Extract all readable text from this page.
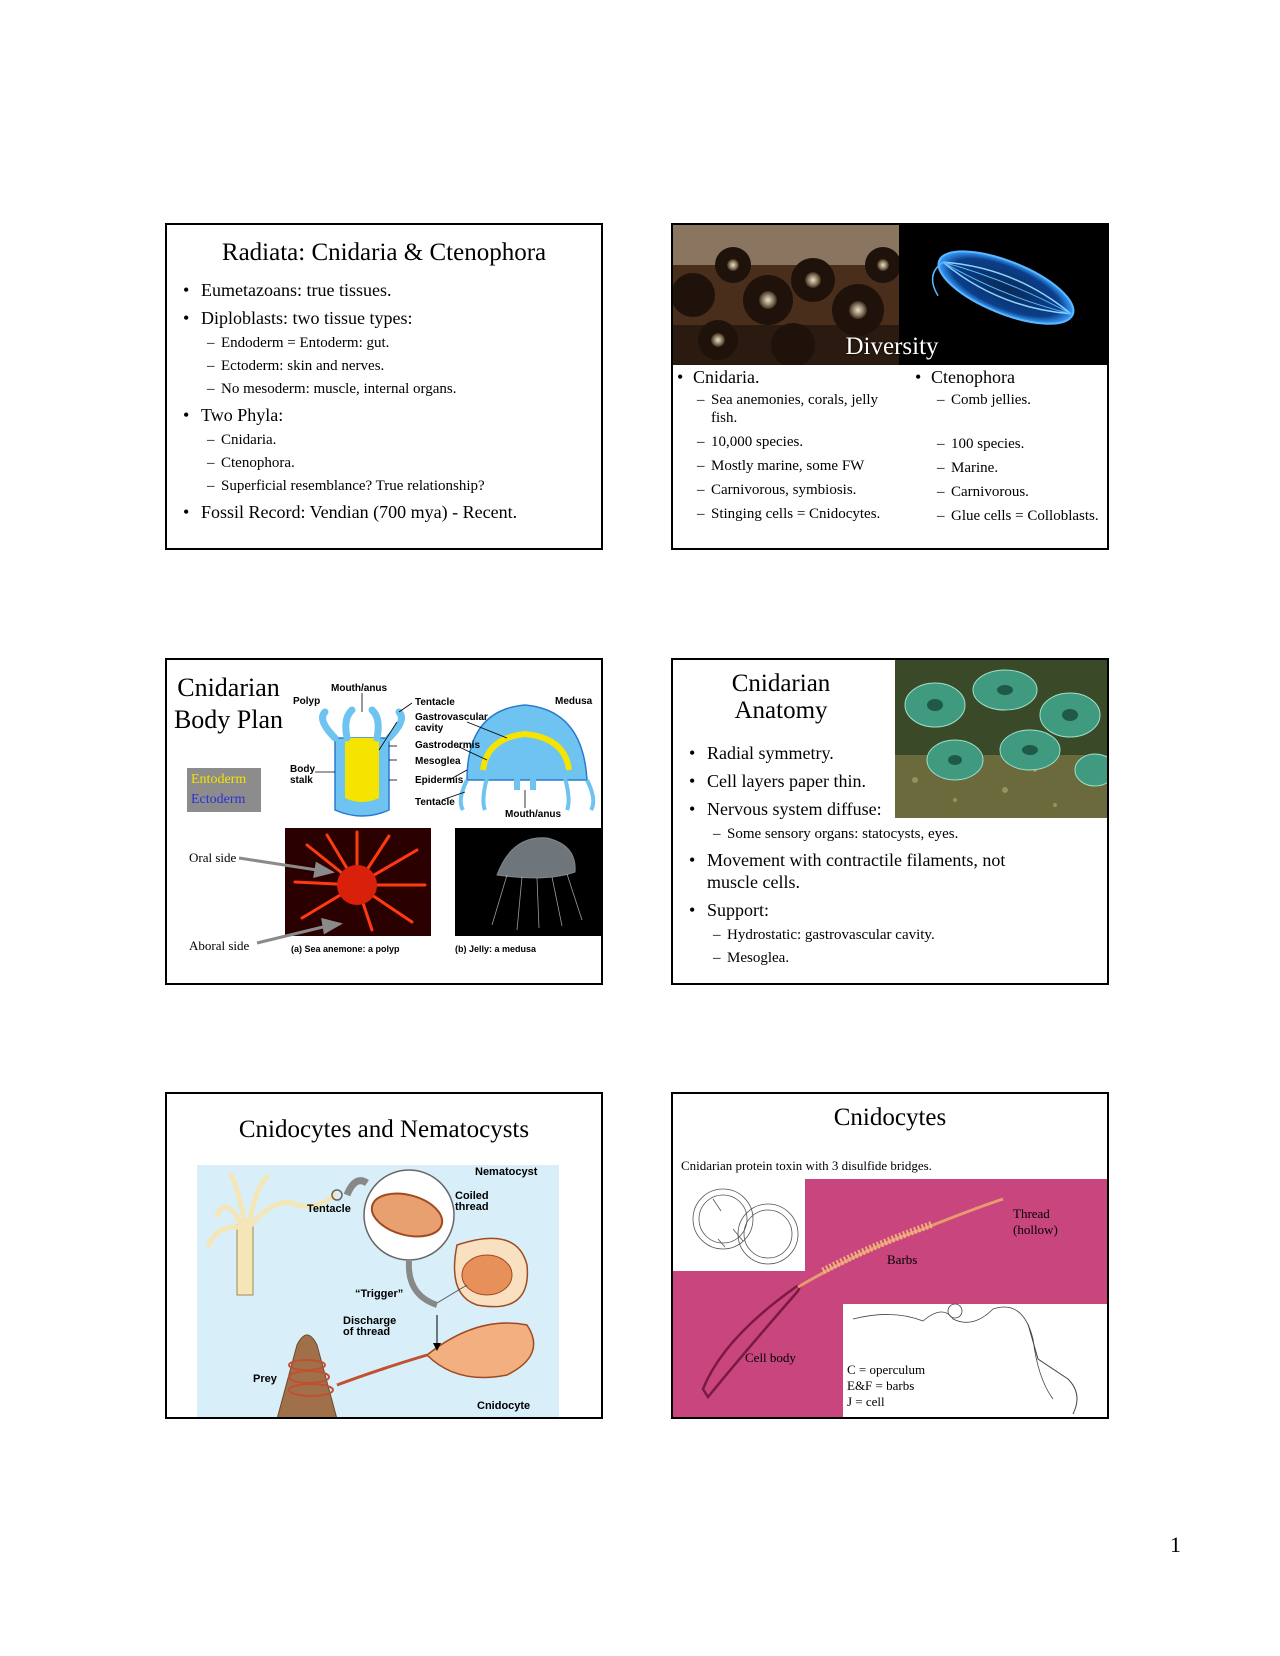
Radiata: Cnidaria & Ctenophora
• Eumetazoans: true tissues.
• Diploblasts: two tissue types:
– Endoderm = Entoderm: gut.
– Ectoderm: skin and nerves.
– No mesoderm: muscle, internal organs.
• Two Phyla:
– Cnidaria.
– Ctenophora.
– Superficial resemblance? True relationship?
• Fossil Record: Vendian (700 mya) - Recent.
Diversity
• Cnidaria.
– Sea anemonies, corals, jelly fish.
– 10,000 species.
– Mostly marine, some FW
– Carnivorous, symbiosis.
– Stinging cells = Cnidocytes.
• Ctenophora
– Comb jellies.
– 100 species.
– Marine.
– Carnivorous.
– Glue cells = Colloblasts.
Cnidarian
Body Plan
Entoderm
Ectoderm
Mouth/anus
Polyp	Medusa
Tentacle
Gastrovascular cavity
Gastrodermis
Mesoglea
Body stalk	Epidermis
Tentacle
Mouth/anus
Oral side
Aboral side	(a) Sea anemone: a polyp	(b) Jelly: a medusa
Cnidarian
Anatomy
• Radial symmetry.
• Cell layers paper thin.
• Nervous system diffuse:
– Some sensory organs: statocysts, eyes.
• Movement with contractile filaments, not muscle cells.
• Support:
– Hydrostatic: gastrovascular cavity.
– Mesoglea.
Cnidocytes and Nematocysts
Nematocyst
Coiled thread
Tentacle
“Trigger”
Discharge of thread
Prey
Cnidocyte
Cnidocytes
Cnidarian protein toxin with 3 disulfide bridges.
Thread (hollow)
Barbs
Cell body
C = operculum
E&F = barbs
J = cell
1
